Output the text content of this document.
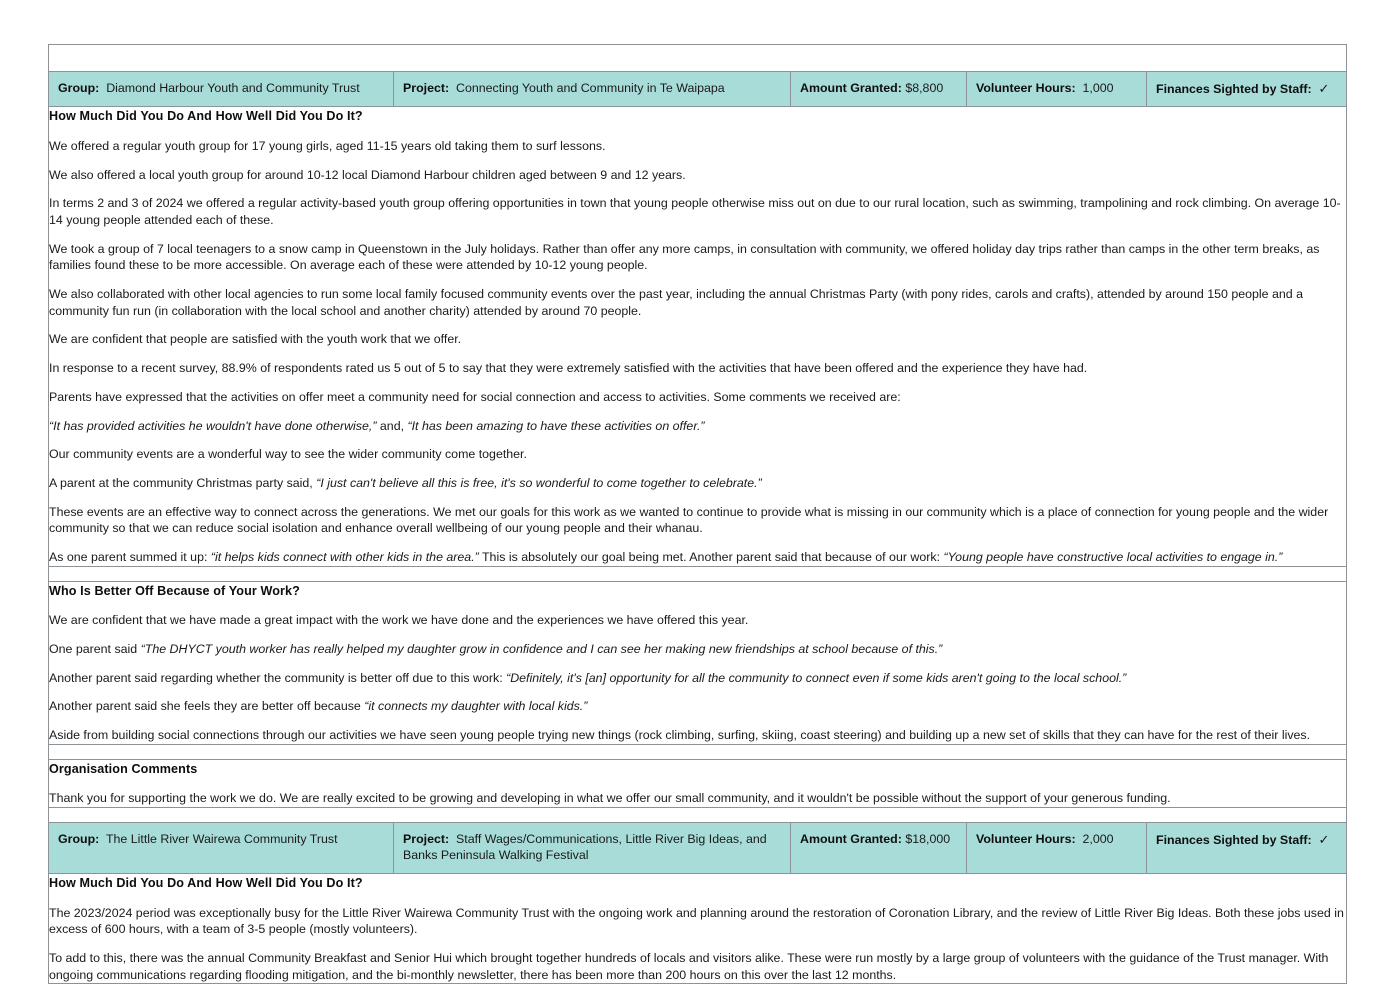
Group: Diamond Harbour Youth and Community Trust	Project: Connecting Youth and Community in Te Waipapa	Amount Granted: $8,800	Volunteer Hours: 1,000	Finances Sighted by Staff: ✓

How Much Did You Do And How Well Did You Do It?

We offered a regular youth group for 17 young girls, aged 11-15 years old taking them to surf lessons.

We also offered a local youth group for around 10-12 local Diamond Harbour children aged between 9 and 12 years.

In terms 2 and 3 of 2024 we offered a regular activity-based youth group offering opportunities in town that young people otherwise miss out on due to our rural location, such as swimming, trampolining and rock climbing. On average 10-14 young people attended each of these.

We took a group of 7 local teenagers to a snow camp in Queenstown in the July holidays. Rather than offer any more camps, in consultation with community, we offered holiday day trips rather than camps in the other term breaks, as families found these to be more accessible. On average each of these were attended by 10-12 young people.

We also collaborated with other local agencies to run some local family focused community events over the past year, including the annual Christmas Party (with pony rides, carols and crafts), attended by around 150 people and a community fun run (in collaboration with the local school and another charity) attended by around 70 people.

We are confident that people are satisfied with the youth work that we offer.

In response to a recent survey, 88.9% of respondents rated us 5 out of 5 to say that they were extremely satisfied with the activities that have been offered and the experience they have had.

Parents have expressed that the activities on offer meet a community need for social connection and access to activities. Some comments we received are:

“It has provided activities he wouldn't have done otherwise,” and, “It has been amazing to have these activities on offer.”

Our community events are a wonderful way to see the wider community come together.

A parent at the community Christmas party said, “I just can't believe all this is free, it's so wonderful to come together to celebrate.”

These events are an effective way to connect across the generations. We met our goals for this work as we wanted to continue to provide what is missing in our community which is a place of connection for young people and the wider community so that we can reduce social isolation and enhance overall wellbeing of our young people and their whanau.

As one parent summed it up: “it helps kids connect with other kids in the area.” This is absolutely our goal being met. Another parent said that because of our work: “Young people have constructive local activities to engage in.”

Who Is Better Off Because of Your Work?

We are confident that we have made a great impact with the work we have done and the experiences we have offered this year.

One parent said “The DHYCT youth worker has really helped my daughter grow in confidence and I can see her making new friendships at school because of this.”

Another parent said regarding whether the community is better off due to this work: “Definitely, it's [an] opportunity for all the community to connect even if some kids aren't going to the local school.”

Another parent said she feels they are better off because “it connects my daughter with local kids.”

Aside from building social connections through our activities we have seen young people trying new things (rock climbing, surfing, skiing, coast steering) and building up a new set of skills that they can have for the rest of their lives.

Organisation Comments

Thank you for supporting the work we do. We are really excited to be growing and developing in what we offer our small community, and it wouldn't be possible without the support of your generous funding.

Group: The Little River Wairewa Community Trust	Project: Staff Wages/Communications, Little River Big Ideas, and Banks Peninsula Walking Festival	Amount Granted: $18,000	Volunteer Hours: 2,000	Finances Sighted by Staff: ✓

How Much Did You Do And How Well Did You Do It?

The 2023/2024 period was exceptionally busy for the Little River Wairewa Community Trust with the ongoing work and planning around the restoration of Coronation Library, and the review of Little River Big Ideas. Both these jobs used in excess of 600 hours, with a team of 3-5 people (mostly volunteers).

To add to this, there was the annual Community Breakfast and Senior Hui which brought together hundreds of locals and visitors alike. These were run mostly by a large group of volunteers with the guidance of the Trust manager. With ongoing communications regarding flooding mitigation, and the bi-monthly newsletter, there has been more than 200 hours on this over the last 12 months.
